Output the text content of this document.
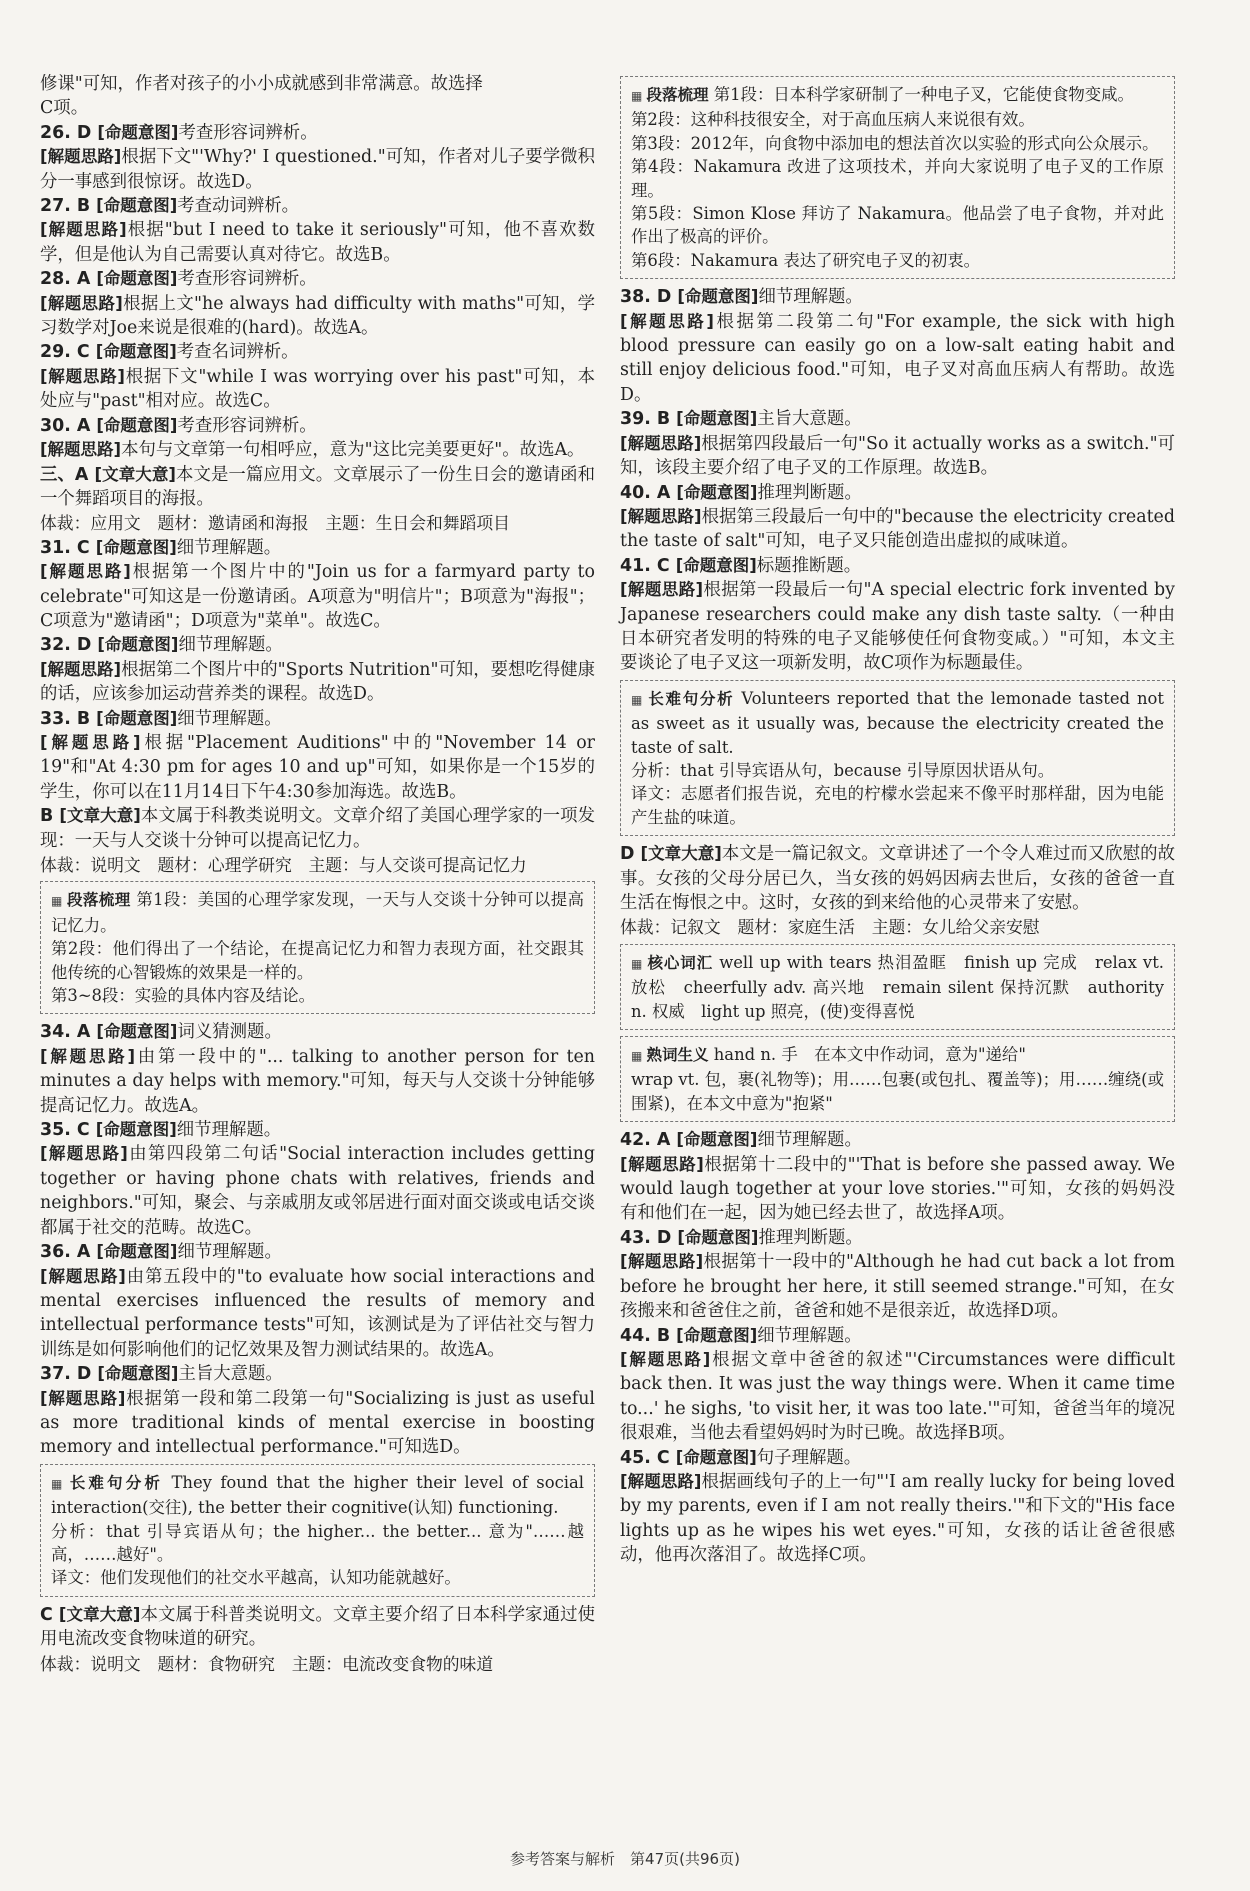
修课"可知，作者对孩子的小小成就感到非常满意。故选择

C项。

26. D [命题意图]考查形容词辨析。

[解题思路]根据下文"'Why?' I questioned."可知，作者对儿子要学微积分一事感到很惊讶。故选D。

27. B [命题意图]考查动词辨析。

[解题思路]根据"but I need to take it seriously"可知，他不喜欢数学，但是他认为自己需要认真对待它。故选B。

28. A [命题意图]考查形容词辨析。

[解题思路]根据上文"he always had difficulty with maths"可知，学习数学对Joe来说是很难的(hard)。故选A。

29. C [命题意图]考查名词辨析。

[解题思路]根据下文"while I was worrying over his past"可知，本处应与"past"相对应。故选C。

30. A [命题意图]考查形容词辨析。

[解题思路]本句与文章第一句相呼应，意为"这比完美要更好"。故选A。

三、A [文章大意]本文是一篇应用文。文章展示了一份生日会的邀请函和一个舞蹈项目的海报。

体裁：应用文　题材：邀请函和海报　主题：生日会和舞蹈项目

31. C [命题意图]细节理解题。

[解题思路]根据第一个图片中的"Join us for a farmyard party to celebrate"可知这是一份邀请函。A项意为"明信片"；B项意为"海报"；C项意为"邀请函"；D项意为"菜单"。故选C。

32. D [命题意图]细节理解题。

[解题思路]根据第二个图片中的"Sports Nutrition"可知，要想吃得健康的话，应该参加运动营养类的课程。故选D。

33. B [命题意图]细节理解题。

[解题思路]根据"Placement Auditions"中的"November 14 or 19"和"At 4:30 pm for ages 10 and up"可知，如果你是一个15岁的学生，你可以在11月14日下午4:30参加海选。故选B。

B [文章大意]本文属于科教类说明文。文章介绍了美国心理学家的一项发现：一天与人交谈十分钟可以提高记忆力。

体裁：说明文　题材：心理学研究　主题：与人交谈可提高记忆力

▦ 段落梳理 第1段：美国的心理学家发现，一天与人交谈十分钟可以提高记忆力。

第2段：他们得出了一个结论，在提高记忆力和智力表现方面，社交跟其他传统的心智锻炼的效果是一样的。

第3~8段：实验的具体内容及结论。

34. A [命题意图]词义猜测题。

[解题思路]由第一段中的"... talking to another person for ten minutes a day helps with memory."可知，每天与人交谈十分钟能够提高记忆力。故选A。

35. C [命题意图]细节理解题。

[解题思路]由第四段第二句话"Social interaction includes getting together or having phone chats with relatives, friends and neighbors."可知，聚会、与亲戚朋友或邻居进行面对面交谈或电话交谈都属于社交的范畴。故选C。

36. A [命题意图]细节理解题。

[解题思路]由第五段中的"to evaluate how social interactions and mental exercises influenced the results of memory and intellectual performance tests"可知，该测试是为了评估社交与智力训练是如何影响他们的记忆效果及智力测试结果的。故选A。

37. D [命题意图]主旨大意题。

[解题思路]根据第一段和第二段第一句"Socializing is just as useful as more traditional kinds of mental exercise in boosting memory and intellectual performance."可知选D。

▦ 长难句分析 They found that the higher their level of social interaction(交往), the better their cognitive(认知) functioning.

分析：that 引导宾语从句；the higher... the better... 意为"……越高，……越好"。

译文：他们发现他们的社交水平越高，认知功能就越好。

C [文章大意]本文属于科普类说明文。文章主要介绍了日本科学家通过使用电流改变食物味道的研究。

体裁：说明文　题材：食物研究　主题：电流改变食物的味道

▦ 段落梳理 第1段：日本科学家研制了一种电子叉，它能使食物变咸。

第2段：这种科技很安全，对于高血压病人来说很有效。

第3段：2012年，向食物中添加电的想法首次以实验的形式向公众展示。

第4段：Nakamura 改进了这项技术，并向大家说明了电子叉的工作原理。

第5段：Simon Klose 拜访了 Nakamura。他品尝了电子食物，并对此作出了极高的评价。

第6段：Nakamura 表达了研究电子叉的初衷。

38. D [命题意图]细节理解题。

[解题思路]根据第二段第二句"For example, the sick with high blood pressure can easily go on a low-salt eating habit and still enjoy delicious food."可知，电子叉对高血压病人有帮助。故选D。

39. B [命题意图]主旨大意题。

[解题思路]根据第四段最后一句"So it actually works as a switch."可知，该段主要介绍了电子叉的工作原理。故选B。

40. A [命题意图]推理判断题。

[解题思路]根据第三段最后一句中的"because the electricity created the taste of salt"可知，电子叉只能创造出虚拟的咸味道。

41. C [命题意图]标题推断题。

[解题思路]根据第一段最后一句"A special electric fork invented by Japanese researchers could make any dish taste salty.（一种由日本研究者发明的特殊的电子叉能够使任何食物变咸。）"可知，本文主要谈论了电子叉这一项新发明，故C项作为标题最佳。

▦ 长难句分析 Volunteers reported that the lemonade tasted not as sweet as it usually was, because the electricity created the taste of salt.

分析：that 引导宾语从句，because 引导原因状语从句。

译文：志愿者们报告说，充电的柠檬水尝起来不像平时那样甜，因为电能产生盐的味道。

D [文章大意]本文是一篇记叙文。文章讲述了一个令人难过而又欣慰的故事。女孩的父母分居已久，当女孩的妈妈因病去世后，女孩的爸爸一直生活在悔恨之中。这时，女孩的到来给他的心灵带来了安慰。

体裁：记叙文　题材：家庭生活　主题：女儿给父亲安慰

▦ 核心词汇 well up with tears 热泪盈眶　finish up 完成　relax vt. 放松　cheerfully adv. 高兴地　remain silent 保持沉默　authority n. 权威　light up 照亮，(使)变得喜悦

▦ 熟词生义 hand n. 手　在本文中作动词，意为"递给"

wrap vt. 包，裹(礼物等)；用……包裹(或包扎、覆盖等)；用……缠绕(或围紧)，在本文中意为"抱紧"

42. A [命题意图]细节理解题。

[解题思路]根据第十二段中的"'That is before she passed away. We would laugh together at your love stories.'"可知，女孩的妈妈没有和他们在一起，因为她已经去世了，故选择A项。

43. D [命题意图]推理判断题。

[解题思路]根据第十一段中的"Although he had cut back a lot from before he brought her here, it still seemed strange."可知，在女孩搬来和爸爸住之前，爸爸和她不是很亲近，故选择D项。

44. B [命题意图]细节理解题。

[解题思路]根据文章中爸爸的叙述"'Circumstances were difficult back then. It was just the way things were. When it came time to...' he sighs, 'to visit her, it was too late.'"可知，爸爸当年的境况很艰难，当他去看望妈妈时为时已晚。故选择B项。

45. C [命题意图]句子理解题。

[解题思路]根据画线句子的上一句"'I am really lucky for being loved by my parents, even if I am not really theirs.'"和下文的"His face lights up as he wipes his wet eyes."可知，女孩的话让爸爸很感动，他再次落泪了。故选择C项。

参考答案与解析　第47页(共96页)
